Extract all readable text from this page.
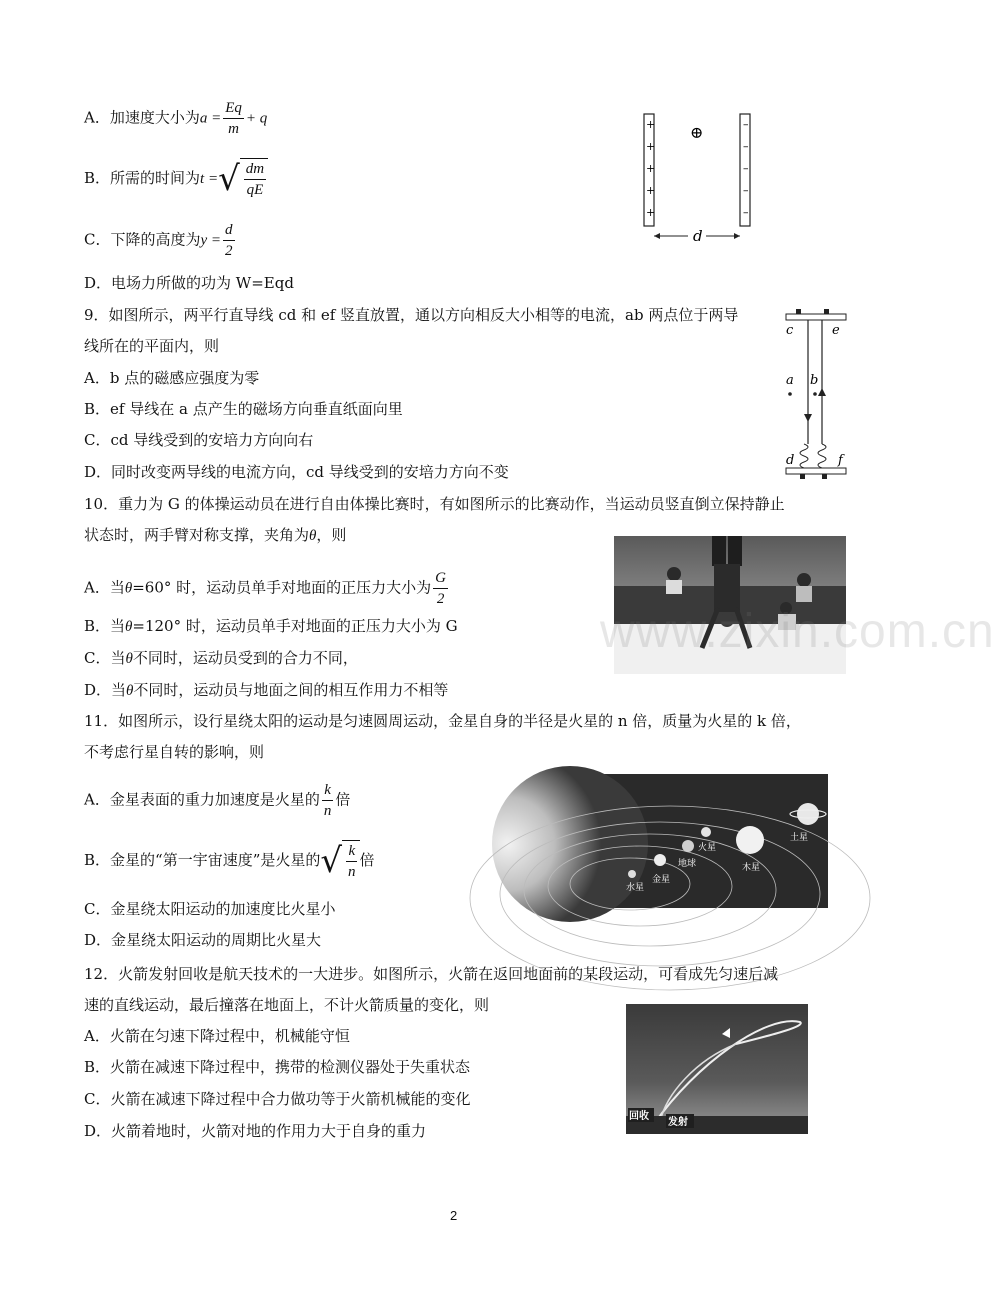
A．加速度大小为$a = \frac{Eq}{m} + q$
B．所需的时间为t = √ $\frac{dm}{qE}$
C．下降的高度为$y = \frac{d}{2}$
D．电场力所做的功为 W=Eqd
+
+
+
+
+
–
–
–
–
–
⊕
d
9．如图所示，两平行直导线 cd 和 ef 竖直放置，通以方向相反大小相等的电流，ab 两点位于两导
线所在的平面内，则
A．b 点的磁感应强度为零
B．ef 导线在 a 点产生的磁场方向垂直纸面向里
C．cd 导线受到的安培力方向向右
D．同时改变两导线的电流方向，cd 导线受到的安培力方向不变
c	e
a b
d	f
10．重力为 G 的体操运动员在进行自由体操比赛时，有如图所示的比赛动作，当运动员竖直倒立保持静止
状态时，两手臂对称支撑，夹角为θ，则
A．当θ=60° 时，运动员单手对地面的正压力大小为 $\frac{G}{2}$
B．当θ=120° 时，运动员单手对地面的正压力大小为 G
C．当θ不同时，运动员受到的合力不同，
D．当θ不同时，运动员与地面之间的相互作用力不相等
11．如图所示，设行星绕太阳的运动是匀速圆周运动，金星自身的半径是火星的 n 倍，质量为火星的 k 倍，
不考虑行星自转的影响，则
A．金星表面的重力加速度是火星的 $\frac{k}{n}$ 倍
B．金星的“第一宇宙速度”是火星的 √ $\frac{k}{n}$ 倍
C．金星绕太阳运动的加速度比火星小
D．金星绕太阳运动的周期比火星大
水星
金星
地球
火星
木星
土星
12．火箭发射回收是航天技术的一大进步。如图所示，火箭在返回地面前的某段运动，可看成先匀速后减
速的直线运动，最后撞落在地面上，不计火箭质量的变化，则
A．火箭在匀速下降过程中，机械能守恒
B．火箭在减速下降过程中，携带的检测仪器处于失重状态
C．火箭在减速下降过程中合力做功等于火箭机械能的变化
D．火箭着地时，火箭对地的作用力大于自身的重力
回收
发射
www.zixin.com.cn
2
